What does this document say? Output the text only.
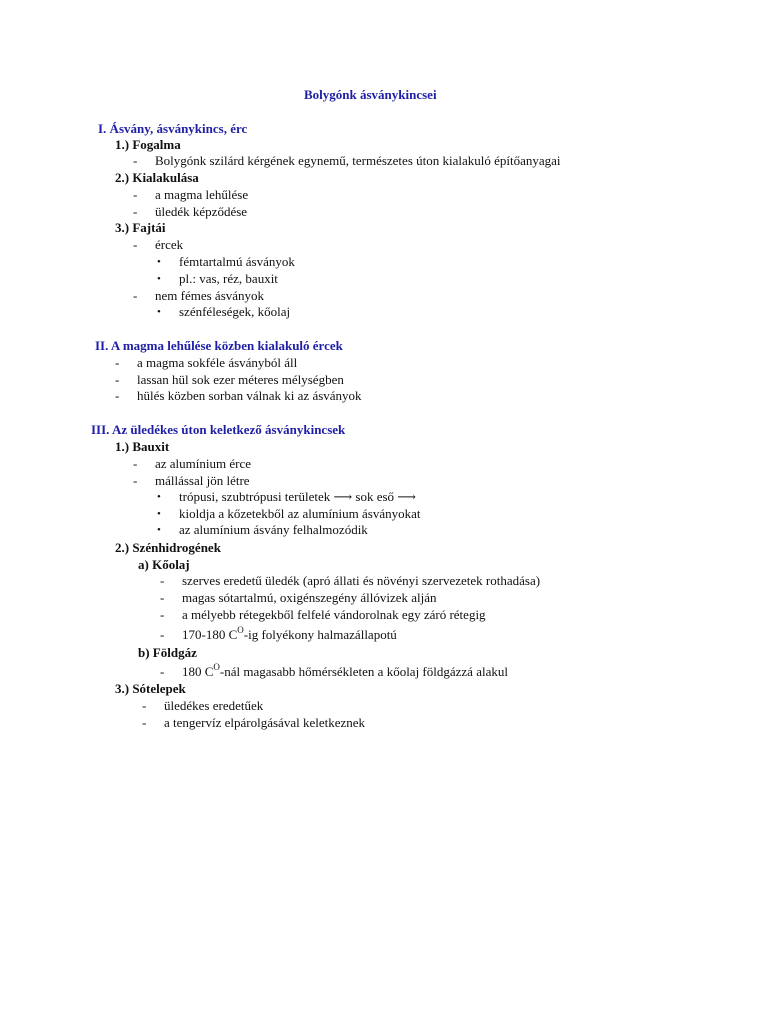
Bolygónk ásványkincsei
I. Ásvány, ásványkincs, érc
1.) Fogalma
- Bolygónk szilárd kérgének egynemű, természetes úton kialakuló építőanyagai
2.) Kialakulása
- a magma lehűlése
- üledék képződése
3.) Fajtái
- ércek
• fémtartalmú ásványok
• pl.: vas, réz, bauxit
- nem fémes ásványok
• szénféleségek, kőolaj
II. A magma lehűlése közben kialakuló ércek
- a magma sokféle ásványból áll
- lassan hül sok ezer méteres mélységben
- hülés közben sorban válnak ki az ásványok
III. Az üledékes úton keletkező ásványkincsek
1.) Bauxit
- az alumínium érce
- mállással jön létre
• trópusi, szubtrópusi területek ⟶ sok eső ⟶
• kioldja a kőzetekből az alumínium ásványokat
• az alumínium ásvány felhalmozódik
2.) Szénhidrogének
a) Kőolaj
- szerves eredetű üledék (apró állati és növényi szervezetek rothadása)
- magas sótartalmú, oxigénszegény állóvizek alján
- a mélyebb rétegekből felfelé vándorolnak egy záró rétegig
- 170-180 $C^O-ig$ folyékony halmazállapotú
b) Földgáz
- 180 $C^O$-nál magasabb hőmérsékleten a kőolaj földgázzá alakul
3.) Sótelepek
- üledékes eredetűek
- a tengervíz elpárolgásával keletkeznek
